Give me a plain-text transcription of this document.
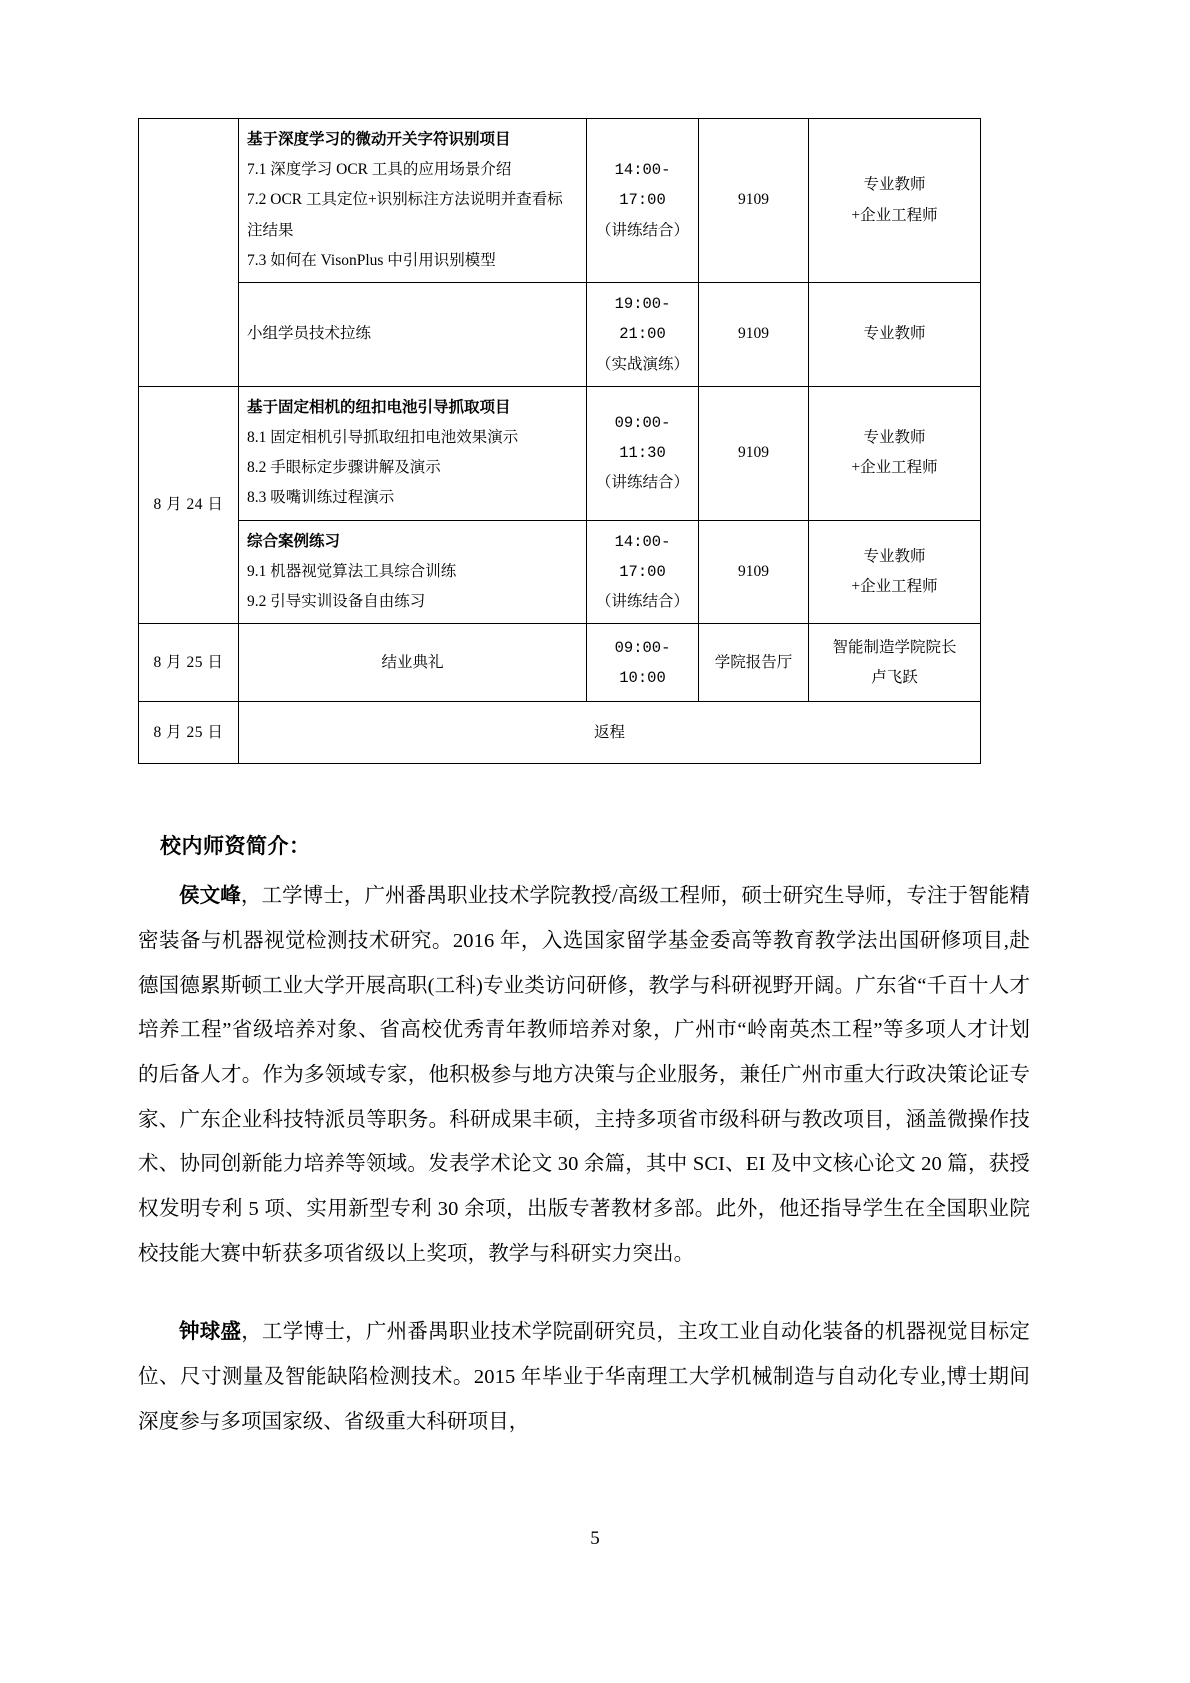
	基于深度学习的微动开关字符识别项目
7.1 深度学习 OCR 工具的应用场景介绍
7.2 OCR 工具定位+识别标注方法说明并查看标注结果
7.3 如何在 VisonPlus 中引用识别模型	14:00-17:00
（讲练结合）	9109	专业教师
+企业工程师

	小组学员技术拉练	19:00-21:00
（实战演练）	9109	专业教师

8 月 24 日	基于固定相机的纽扣电池引导抓取项目
8.1 固定相机引导抓取纽扣电池效果演示
8.2 手眼标定步骤讲解及演示
8.3 吸嘴训练过程演示	09:00-11:30
（讲练结合）	9109	专业教师
+企业工程师

	综合案例练习
9.1 机器视觉算法工具综合训练
9.2 引导实训设备自由练习	14:00-17:00
（讲练结合）	9109	专业教师
+企业工程师

8 月 25 日	结业典礼	09:00-10:00	学院报告厅	智能制造学院院长
卢飞跃

8 月 25 日	返程			
校内师资简介：

侯文峰，工学博士，广州番禺职业技术学院教授/高级工程师，硕士研究生导师，专注于智能精密装备与机器视觉检测技术研究。2016 年，入选国家留学基金委高等教育教学法出国研修项目,赴德国德累斯顿工业大学开展高职(工科)专业类访问研修，教学与科研视野开阔。广东省“千百十人才培养工程”省级培养对象、省高校优秀青年教师培养对象，广州市“岭南英杰工程”等多项人才计划的后备人才。作为多领域专家，他积极参与地方决策与企业服务，兼任广州市重大行政决策论证专家、广东企业科技特派员等职务。科研成果丰硕，主持多项省市级科研与教改项目，涵盖微操作技术、协同创新能力培养等领域。发表学术论文 30 余篇，其中 SCI、EI 及中文核心论文 20 篇，获授权发明专利 5 项、实用新型专利 30 余项，出版专著教材多部。此外，他还指导学生在全国职业院校技能大赛中斩获多项省级以上奖项，教学与科研实力突出。

钟球盛，工学博士，广州番禺职业技术学院副研究员，主攻工业自动化装备的机器视觉目标定位、尺寸测量及智能缺陷检测技术。2015 年毕业于华南理工大学机械制造与自动化专业,博士期间深度参与多项国家级、省级重大科研项目，

5
